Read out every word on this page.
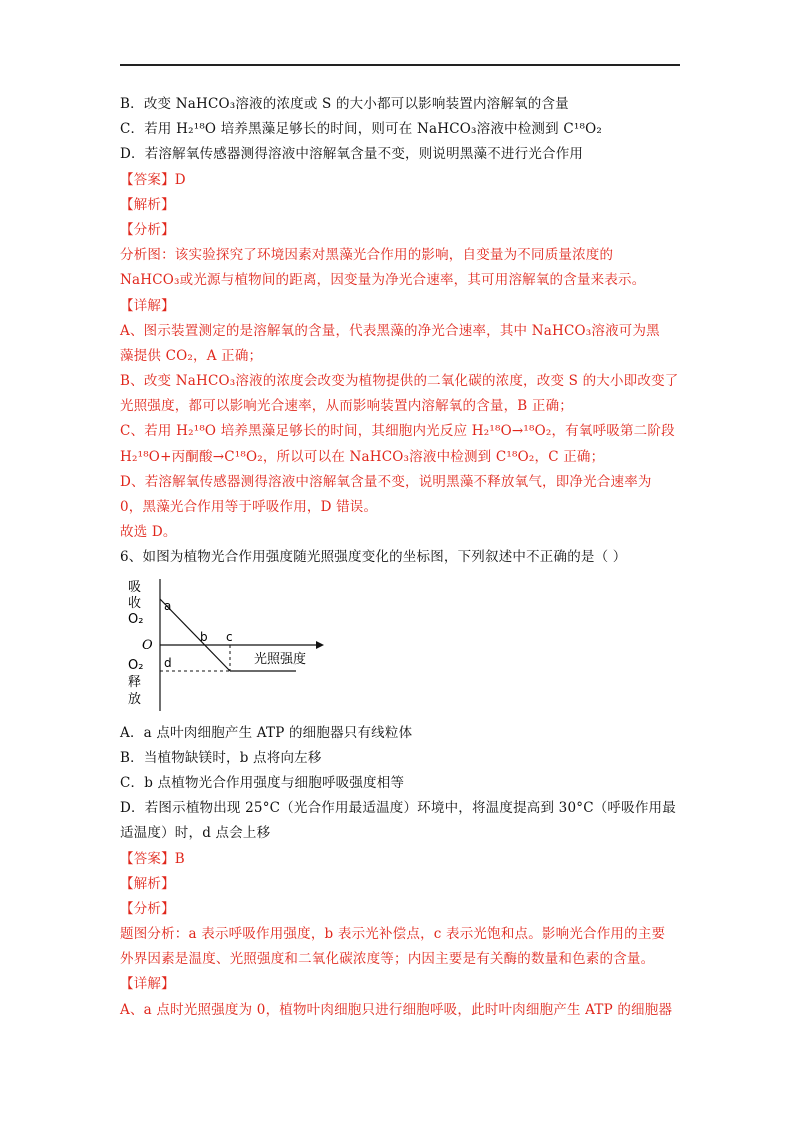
B．改变 NaHCO₃溶液的浓度或 S 的大小都可以影响装置内溶解氧的含量
C．若用 H₂¹⁸O 培养黑藻足够长的时间，则可在 NaHCO₃溶液中检测到 C¹⁸O₂
D．若溶解氧传感器测得溶液中溶解氧含量不变，则说明黑藻不进行光合作用
【答案】D
【解析】
【分析】
分析图：该实验探究了环境因素对黑藻光合作用的影响，自变量为不同质量浓度的
NaHCO₃或光源与植物间的距离，因变量为净光合速率，其可用溶解氧的含量来表示。
【详解】
A、图示装置测定的是溶解氧的含量，代表黑藻的净光合速率，其中 NaHCO₃溶液可为黑
藻提供 CO₂，A 正确；
B、改变 NaHCO₃溶液的浓度会改变为植物提供的二氧化碳的浓度，改变 S 的大小即改变了
光照强度，都可以影响光合速率，从而影响装置内溶解氧的含量，B 正确；
C、若用 H₂¹⁸O 培养黑藻足够长的时间，其细胞内光反应 H₂¹⁸O→¹⁸O₂，有氧呼吸第二阶段
H₂¹⁸O+丙酮酸→C¹⁸O₂，所以可以在 NaHCO₃溶液中检测到 C¹⁸O₂，C 正确；
D、若溶解氧传感器测得溶液中溶解氧含量不变，说明黑藻不释放氧气，即净光合速率为
0，黑藻光合作用等于呼吸作用，D 错误。
故选 D。
6、如图为植物光合作用强度随光照强度变化的坐标图，下列叙述中不正确的是（ ）
吸
收
O₂
O
O₂
释
放
a
b c
d	光照强度
A．a 点叶肉细胞产生 ATP 的细胞器只有线粒体
B．当植物缺镁时，b 点将向左移
C．b 点植物光合作用强度与细胞呼吸强度相等
D．若图示植物出现 25°C（光合作用最适温度）环境中，将温度提高到 30°C（呼吸作用最
适温度）时，d 点会上移
【答案】B
【解析】
【分析】
题图分析：a 表示呼吸作用强度，b 表示光补偿点，c 表示光饱和点。影响光合作用的主要
外界因素是温度、光照强度和二氧化碳浓度等；内因主要是有关酶的数量和色素的含量。
【详解】
A、a 点时光照强度为 0，植物叶肉细胞只进行细胞呼吸，此时叶肉细胞产生 ATP 的细胞器
